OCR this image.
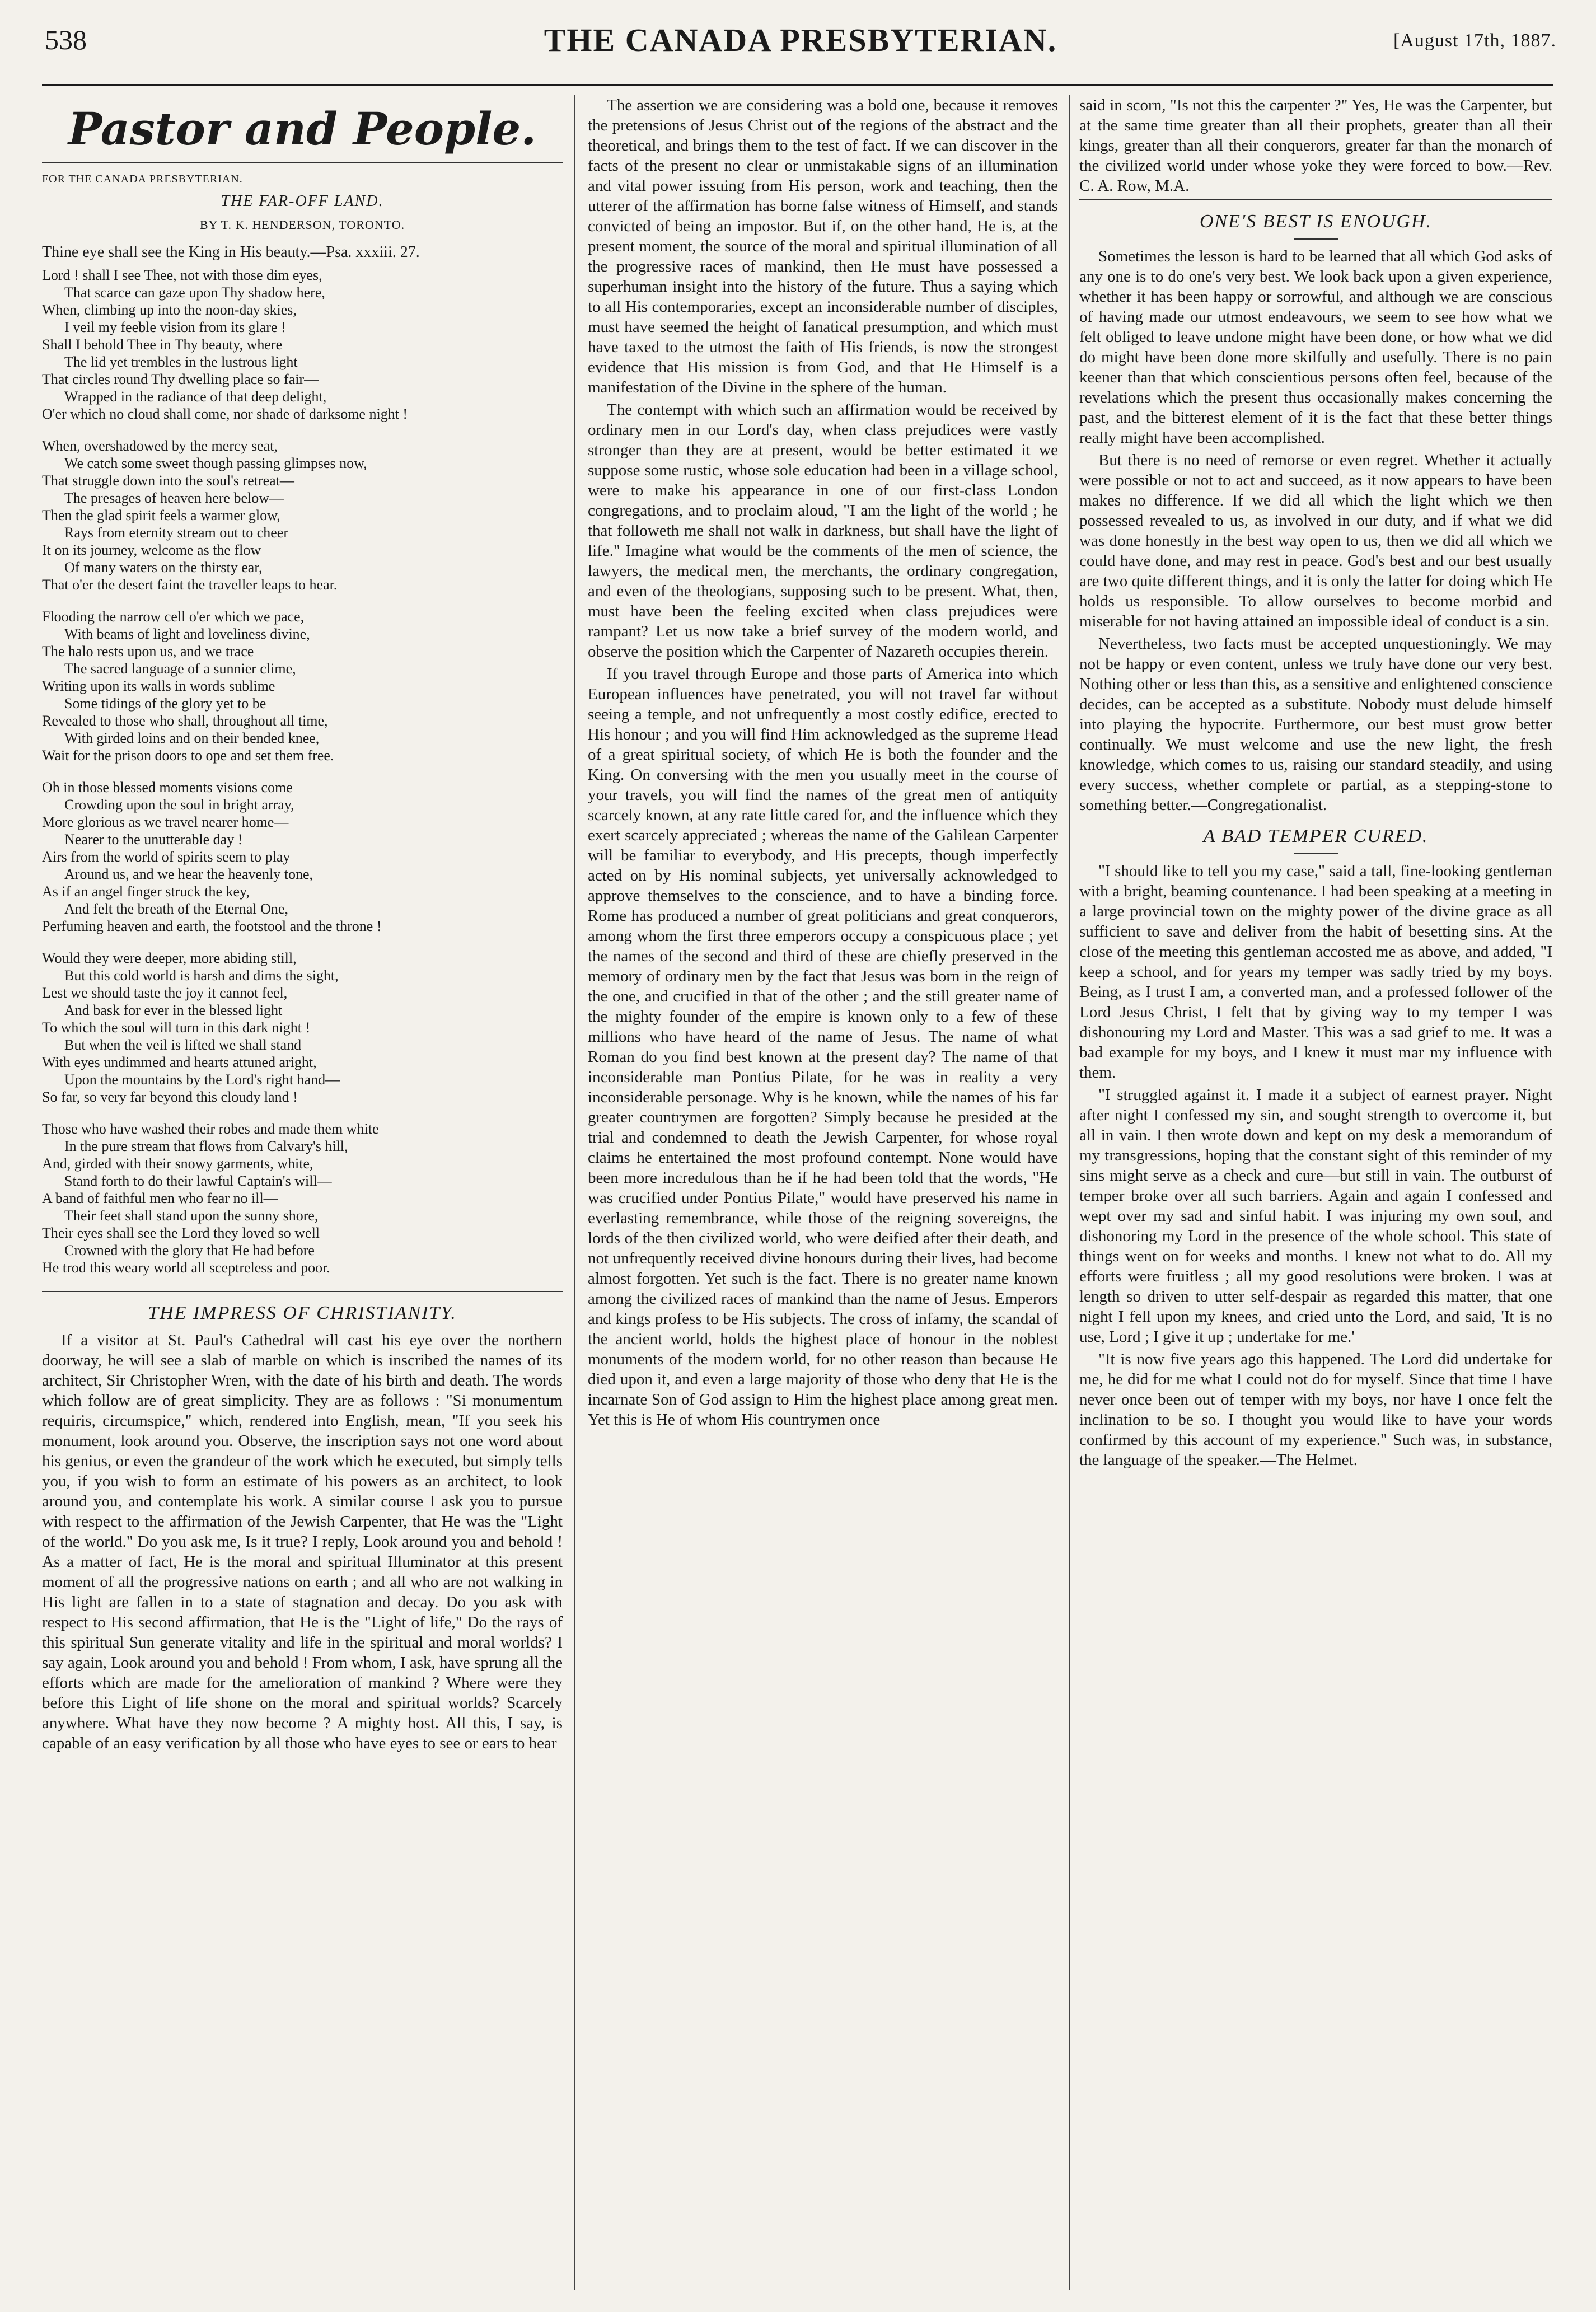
538	THE CANADA PRESBYTERIAN.	[August 17th, 1887.
Pastor and People.
FOR THE CANADA PRESBYTERIAN.
THE FAR-OFF LAND.
BY T. K. HENDERSON, TORONTO.
Thine eye shall see the King in His beauty.—Psa. xxxiii. 27.
Lord ! shall I see Thee, not with those dim eyes,
That scarce can gaze upon Thy shadow here,
When, climbing up into the noon-day skies,
I veil my feeble vision from its glare !
Shall I behold Thee in Thy beauty, where
The lid yet trembles in the lustrous light
That circles round Thy dwelling place so fair—
Wrapped in the radiance of that deep delight,
O'er which no cloud shall come, nor shade of darksome night !
When, overshadowed by the mercy seat,
We catch some sweet though passing glimpses now,
That struggle down into the soul's retreat—
The presages of heaven here below—
Then the glad spirit feels a warmer glow,
Rays from eternity stream out to cheer
It on its journey, welcome as the flow
Of many waters on the thirsty ear,
That o'er the desert faint the traveller leaps to hear.
Flooding the narrow cell o'er which we pace,
With beams of light and loveliness divine,
The halo rests upon us, and we trace
The sacred language of a sunnier clime,
Writing upon its walls in words sublime
Some tidings of the glory yet to be
Revealed to those who shall, throughout all time,
With girded loins and on their bended knee,
Wait for the prison doors to ope and set them free.
Oh in those blessed moments visions come
Crowding upon the soul in bright array,
More glorious as we travel nearer home—
Nearer to the unutterable day !
Airs from the world of spirits seem to play
Around us, and we hear the heavenly tone,
As if an angel finger struck the key,
And felt the breath of the Eternal One,
Perfuming heaven and earth, the footstool and the throne !
Would they were deeper, more abiding still,
But this cold world is harsh and dims the sight,
Lest we should taste the joy it cannot feel,
And bask for ever in the blessed light
To which the soul will turn in this dark night !
But when the veil is lifted we shall stand
With eyes undimmed and hearts attuned aright,
Upon the mountains by the Lord's right hand—
So far, so very far beyond this cloudy land !
Those who have washed their robes and made them white
In the pure stream that flows from Calvary's hill,
And, girded with their snowy garments, white,
Stand forth to do their lawful Captain's will—
A band of faithful men who fear no ill—
Their feet shall stand upon the sunny shore,
Their eyes shall see the Lord they loved so well
Crowned with the glory that He had before
He trod this weary world all sceptreless and poor.
THE IMPRESS OF CHRISTIANITY.

If a visitor at St. Paul's Cathedral will cast his eye over the northern doorway, he will see a slab of marble on which is inscribed the names of its architect, Sir Christopher Wren, with the date of his birth and death. The words which follow are of great simplicity. They are as follows : "Si monumentum requiris, circumspice," which, rendered into English, mean, "If you seek his monument, look around you. Observe, the inscription says not one word about his genius, or even the grandeur of the work which he executed, but simply tells you, if you wish to form an estimate of his powers as an architect, to look around you, and contemplate his work. A similar course I ask you to pursue with respect to the affirmation of the Jewish Carpenter, that He was the "Light of the world." Do you ask me, Is it true? I reply, Look around you and behold ! As a matter of fact, He is the moral and spiritual Illuminator at this present moment of all the progressive nations on earth ; and all who are not walking in His light are fallen in to a state of stagnation and decay. Do you ask with respect to His second affirmation, that He is the "Light of life," Do the rays of this spiritual Sun generate vitality and life in the spiritual and moral worlds? I say again, Look around you and behold ! From whom, I ask, have sprung all the efforts which are made for the amelioration of mankind ? Where were they before this Light of life shone on the moral and spiritual worlds? Scarcely anywhere. What have they now become ? A mighty host. All this, I say, is capable of an easy verification by all those who have eyes to see or ears to hear

The assertion we are considering was a bold one, because it removes the pretensions of Jesus Christ out of the regions of the abstract and the theoretical, and brings them to the test of fact. If we can discover in the facts of the present no clear or unmistakable signs of an illumination and vital power issuing from His person, work and teaching, then the utterer of the affirmation has borne false witness of Himself, and stands convicted of being an impostor. But if, on the other hand, He is, at the present moment, the source of the moral and spiritual illumination of all the progressive races of mankind, then He must have possessed a superhuman insight into the history of the future. Thus a saying which to all His contemporaries, except an inconsiderable number of disciples, must have seemed the height of fanatical presumption, and which must have taxed to the utmost the faith of His friends, is now the strongest evidence that His mission is from God, and that He Himself is a manifestation of the Divine in the sphere of the human.

The contempt with which such an affirmation would be received by ordinary men in our Lord's day, when class prejudices were vastly stronger than they are at present, would be better estimated it we suppose some rustic, whose sole education had been in a village school, were to make his appearance in one of our first-class London congregations, and to proclaim aloud, "I am the light of the world ; he that followeth me shall not walk in darkness, but shall have the light of life." Imagine what would be the comments of the men of science, the lawyers, the medical men, the merchants, the ordinary congregation, and even of the theologians, supposing such to be present. What, then, must have been the feeling excited when class prejudices were rampant? Let us now take a brief survey of the modern world, and observe the position which the Carpenter of Nazareth occupies therein.

If you travel through Europe and those parts of America into which European influences have penetrated, you will not travel far without seeing a temple, and not unfrequently a most costly edifice, erected to His honour ; and you will find Him acknowledged as the supreme Head of a great spiritual society, of which He is both the founder and the King. On conversing with the men you usually meet in the course of your travels, you will find the names of the great men of antiquity scarcely known, at any rate little cared for, and the influence which they exert scarcely appreciated ; whereas the name of the Galilean Carpenter will be familiar to everybody, and His precepts, though imperfectly acted on by His nominal subjects, yet universally acknowledged to approve themselves to the conscience, and to have a binding force. Rome has produced a number of great politicians and great conquerors, among whom the first three emperors occupy a conspicuous place ; yet the names of the second and third of these are chiefly preserved in the memory of ordinary men by the fact that Jesus was born in the reign of the one, and crucified in that of the other ; and the still greater name of the mighty founder of the empire is known only to a few of these millions who have heard of the name of Jesus. The name of what Roman do you find best known at the present day? The name of that inconsiderable man Pontius Pilate, for he was in reality a very inconsiderable personage. Why is he known, while the names of his far greater countrymen are forgotten? Simply because he presided at the trial and condemned to death the Jewish Carpenter, for whose royal claims he entertained the most profound contempt. None would have been more incredulous than he if he had been told that the words, "He was crucified under Pontius Pilate," would have preserved his name in everlasting remembrance, while those of the reigning sovereigns, the lords of the then civilized world, who were deified after their death, and not unfrequently received divine honours during their lives, had become almost forgotten. Yet such is the fact. There is no greater name known among the civilized races of mankind than the name of Jesus. Emperors and kings profess to be His subjects. The cross of infamy, the scandal of the ancient world, holds the highest place of honour in the noblest monuments of the modern world, for no other reason than because He died upon it, and even a large majority of those who deny that He is the incarnate Son of God assign to Him the highest place among great men. Yet this is He of whom His countrymen once

said in scorn, "Is not this the carpenter ?" Yes, He was the Carpenter, but at the same time greater than all their prophets, greater than all their kings, greater than all their conquerors, greater far than the monarch of the civilized world under whose yoke they were forced to bow.—Rev. C. A. Row, M.A.

ONE'S BEST IS ENOUGH.

Sometimes the lesson is hard to be learned that all which God asks of any one is to do one's very best. We look back upon a given experience, whether it has been happy or sorrowful, and although we are conscious of having made our utmost endeavours, we seem to see how what we felt obliged to leave undone might have been done, or how what we did do might have been done more skilfully and usefully. There is no pain keener than that which conscientious persons often feel, because of the revelations which the present thus occasionally makes concerning the past, and the bitterest element of it is the fact that these better things really might have been accomplished.

But there is no need of remorse or even regret. Whether it actually were possible or not to act and succeed, as it now appears to have been makes no difference. If we did all which the light which we then possessed revealed to us, as involved in our duty, and if what we did was done honestly in the best way open to us, then we did all which we could have done, and may rest in peace. God's best and our best usually are two quite different things, and it is only the latter for doing which He holds us responsible. To allow ourselves to become morbid and miserable for not having attained an impossible ideal of conduct is a sin.

Nevertheless, two facts must be accepted unquestioningly. We may not be happy or even content, unless we truly have done our very best. Nothing other or less than this, as a sensitive and enlightened conscience decides, can be accepted as a substitute. Nobody must delude himself into playing the hypocrite. Furthermore, our best must grow better continually. We must welcome and use the new light, the fresh knowledge, which comes to us, raising our standard steadily, and using every success, whether complete or partial, as a stepping-stone to something better.—Congregationalist.

A BAD TEMPER CURED.

"I should like to tell you my case," said a tall, fine-looking gentleman with a bright, beaming countenance. I had been speaking at a meeting in a large provincial town on the mighty power of the divine grace as all sufficient to save and deliver from the habit of besetting sins. At the close of the meeting this gentleman accosted me as above, and added, "I keep a school, and for years my temper was sadly tried by my boys. Being, as I trust I am, a converted man, and a professed follower of the Lord Jesus Christ, I felt that by giving way to my temper I was dishonouring my Lord and Master. This was a sad grief to me. It was a bad example for my boys, and I knew it must mar my influence with them.

"I struggled against it. I made it a subject of earnest prayer. Night after night I confessed my sin, and sought strength to overcome it, but all in vain. I then wrote down and kept on my desk a memorandum of my transgressions, hoping that the constant sight of this reminder of my sins might serve as a check and cure—but still in vain. The outburst of temper broke over all such barriers. Again and again I confessed and wept over my sad and sinful habit. I was injuring my own soul, and dishonoring my Lord in the presence of the whole school. This state of things went on for weeks and months. I knew not what to do. All my efforts were fruitless ; all my good resolutions were broken. I was at length so driven to utter self-despair as regarded this matter, that one night I fell upon my knees, and cried unto the Lord, and said, 'It is no use, Lord ; I give it up ; undertake for me.'

"It is now five years ago this happened. The Lord did undertake for me, he did for me what I could not do for myself. Since that time I have never once been out of temper with my boys, nor have I once felt the inclination to be so. I thought you would like to have your words confirmed by this account of my experience." Such was, in substance, the language of the speaker.—The Helmet.
